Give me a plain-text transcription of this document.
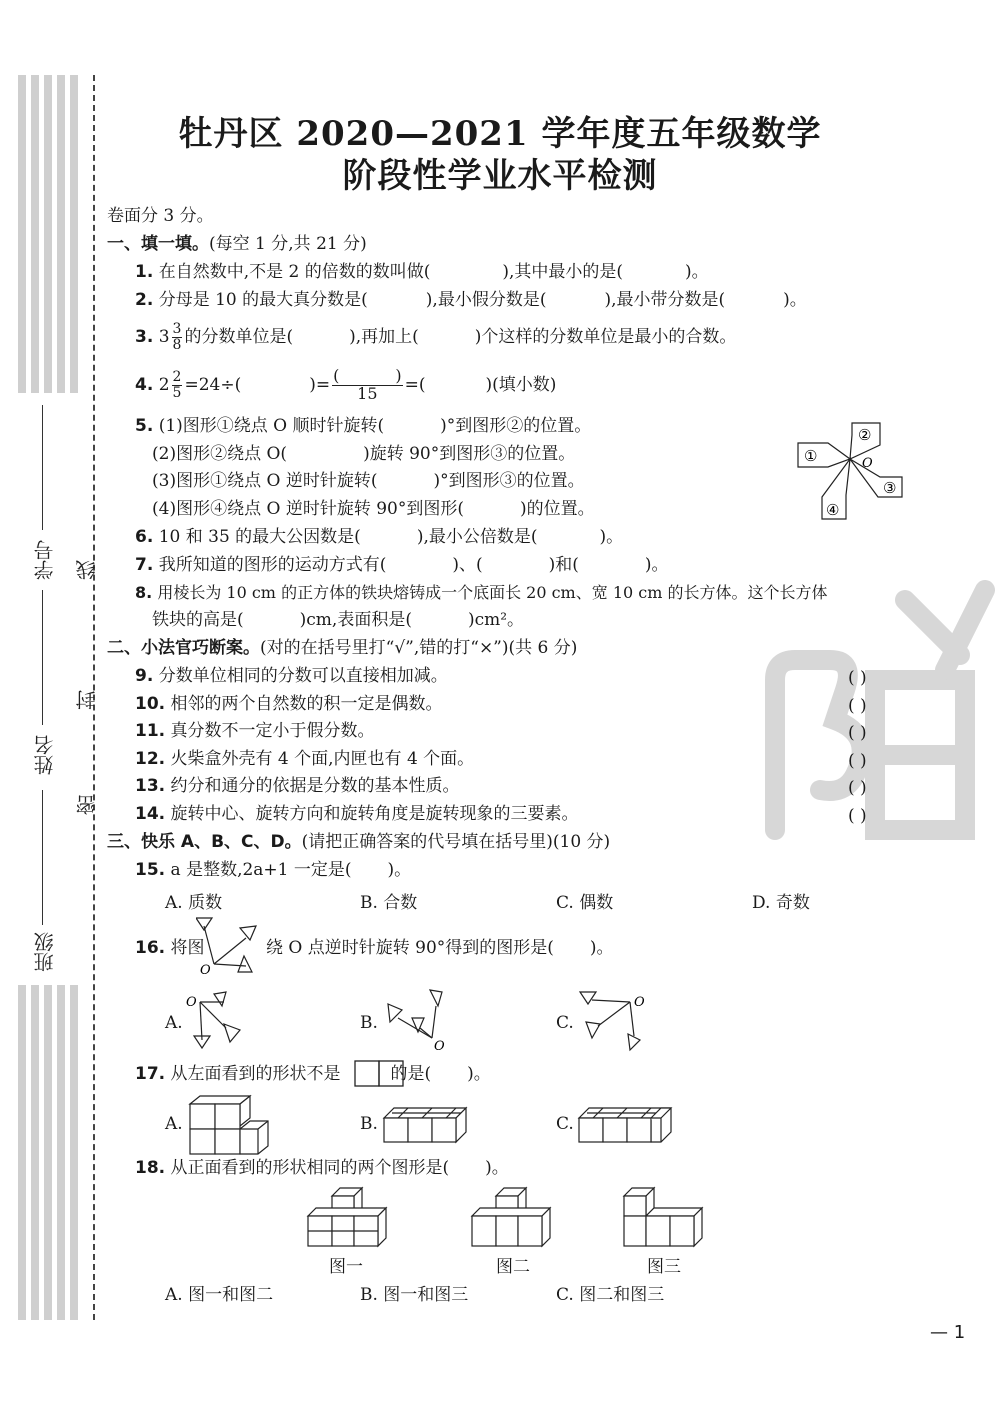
班级
姓名
学号
密
封
线
牡丹区 2020—2021 学年度五年级数学
阶段性学业水平检测
卷面分 3 分。
一、填一填。(每空 1 分,共 21 分)
1. 在自然数中,不是 2 的倍数的数叫做(	),其中最小的是(	)。
2. 分母是 10 的最大真分数是(	),最小假分数是(	),最小带分数是(	)。
3. $3 \frac{3}{8}$ 的分数单位是(	),再加上(	)个这样的分数单位是最小的合数。
4. $2 \frac{2}{5} =24\div$(	)= (	)
15 =(	)(填小数)
5. (1)图形①绕点 O 顺时针旋转(	)°到图形②的位置。
(2)图形②绕点 O(	)旋转 90°到图形③的位置。
(3)图形①绕点 O 逆时针旋转(	)°到图形③的位置。
(4)图形④绕点 O 逆时针旋转 90°到图形(	)的位置。
①
②
③
④
O
6. 10 和 35 的最大公因数是(	),最小公倍数是(	)。
7. 我所知道的图形的运动方式有(	)、(	)和(	)。
8. 用棱长为 10 cm 的正方体的铁块熔铸成一个底面长 20 cm、宽 10 cm 的长方体。这个长方体
铁块的高是(	)cm,表面积是(	)cm²。
二、小法官巧断案。(对的在括号里打“√”,错的打“×”)(共 6 分)
9. 分数单位相同的分数可以直接相加减。	( )
10. 相邻的两个自然数的积一定是偶数。	( )
11. 真分数不一定小于假分数。	( )
12. 火柴盒外壳有 4 个面,内匣也有 4 个面。	( )
13. 约分和通分的依据是分数的基本性质。	( )
14. 旋转中心、旋转方向和旋转角度是旋转现象的三要素。	( )
三、快乐 A、B、C、D。(请把正确答案的代号填在括号里)(10 分)
15. a 是整数,2a+1 一定是( )。
A. 质数	B. 合数	C. 偶数	D. 奇数
16. 将图
O
绕 O 点逆时针旋转 90°得到的图形是( )。
A.
O
B.
O
C.
O
17. 从左面看到的形状不是	的是( )。
A.	B.	C.
18. 从正面看到的形状相同的两个图形是( )。
图一	图二	图三
A. 图一和图二	B. 图一和图三	C. 图二和图三
— 1
